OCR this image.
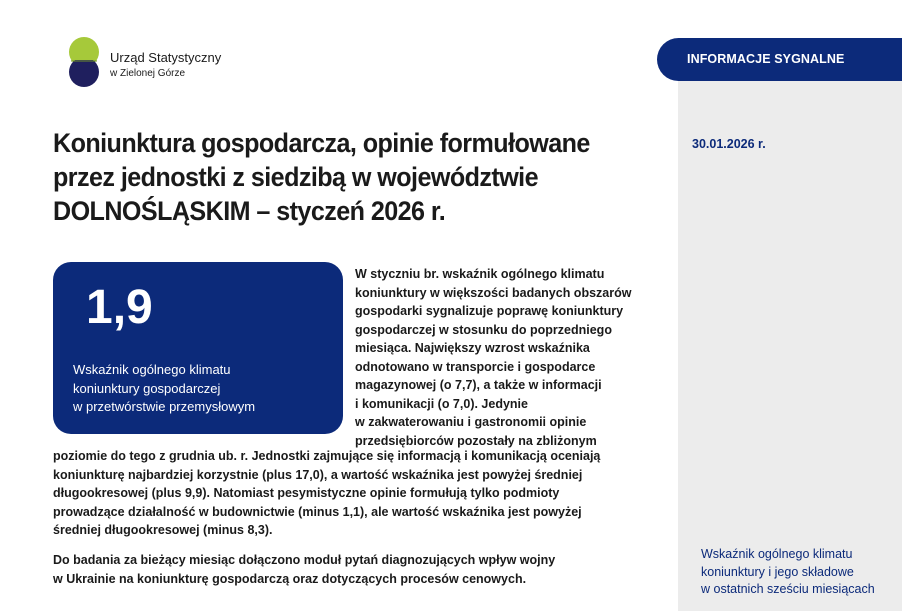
Urząd Statystyczny
w Zielonej Górze
INFORMACJE SYGNALNE
30.01.2026 r.
Koniunktura gospodarcza, opinie formułowane
przez jednostki z siedzibą w województwie
DOLNOŚLĄSKIM – styczeń 2026 r.
1,9

Wskaźnik ogólnego klimatu
koniunktury gospodarczej
w przetwórstwie przemysłowym

W styczniu br. wskaźnik ogólnego klimatu
koniunktury w większości badanych obszarów
gospodarki sygnalizuje poprawę koniunktury
gospodarczej w stosunku do poprzedniego
miesiąca. Największy wzrost wskaźnika
odnotowano w transporcie i gospodarce
magazynowej (o 7,7), a także w informacji
i komunikacji (o 7,0). Jedynie
w zakwaterowaniu i gastronomii opinie
przedsiębiorców pozostały na zbliżonym

poziomie do tego z grudnia ub. r. Jednostki zajmujące się informacją i komunikacją oceniają
koniunkturę najbardziej korzystnie (plus 17,0), a wartość wskaźnika jest powyżej średniej
długookresowej (plus 9,9). Natomiast pesymistyczne opinie formułują tylko podmioty
prowadzące działalność w budownictwie (minus 1,1), ale wartość wskaźnika jest powyżej
średniej długookresowej (minus 8,3).

Do badania za bieżący miesiąc dołączono moduł pytań diagnozujących wpływ wojny
w Ukrainie na koniunkturę gospodarczą oraz dotyczących procesów cenowych.

Wskaźnik ogólnego klimatu
koniunktury i jego składowe
w ostatnich sześciu miesiącach
